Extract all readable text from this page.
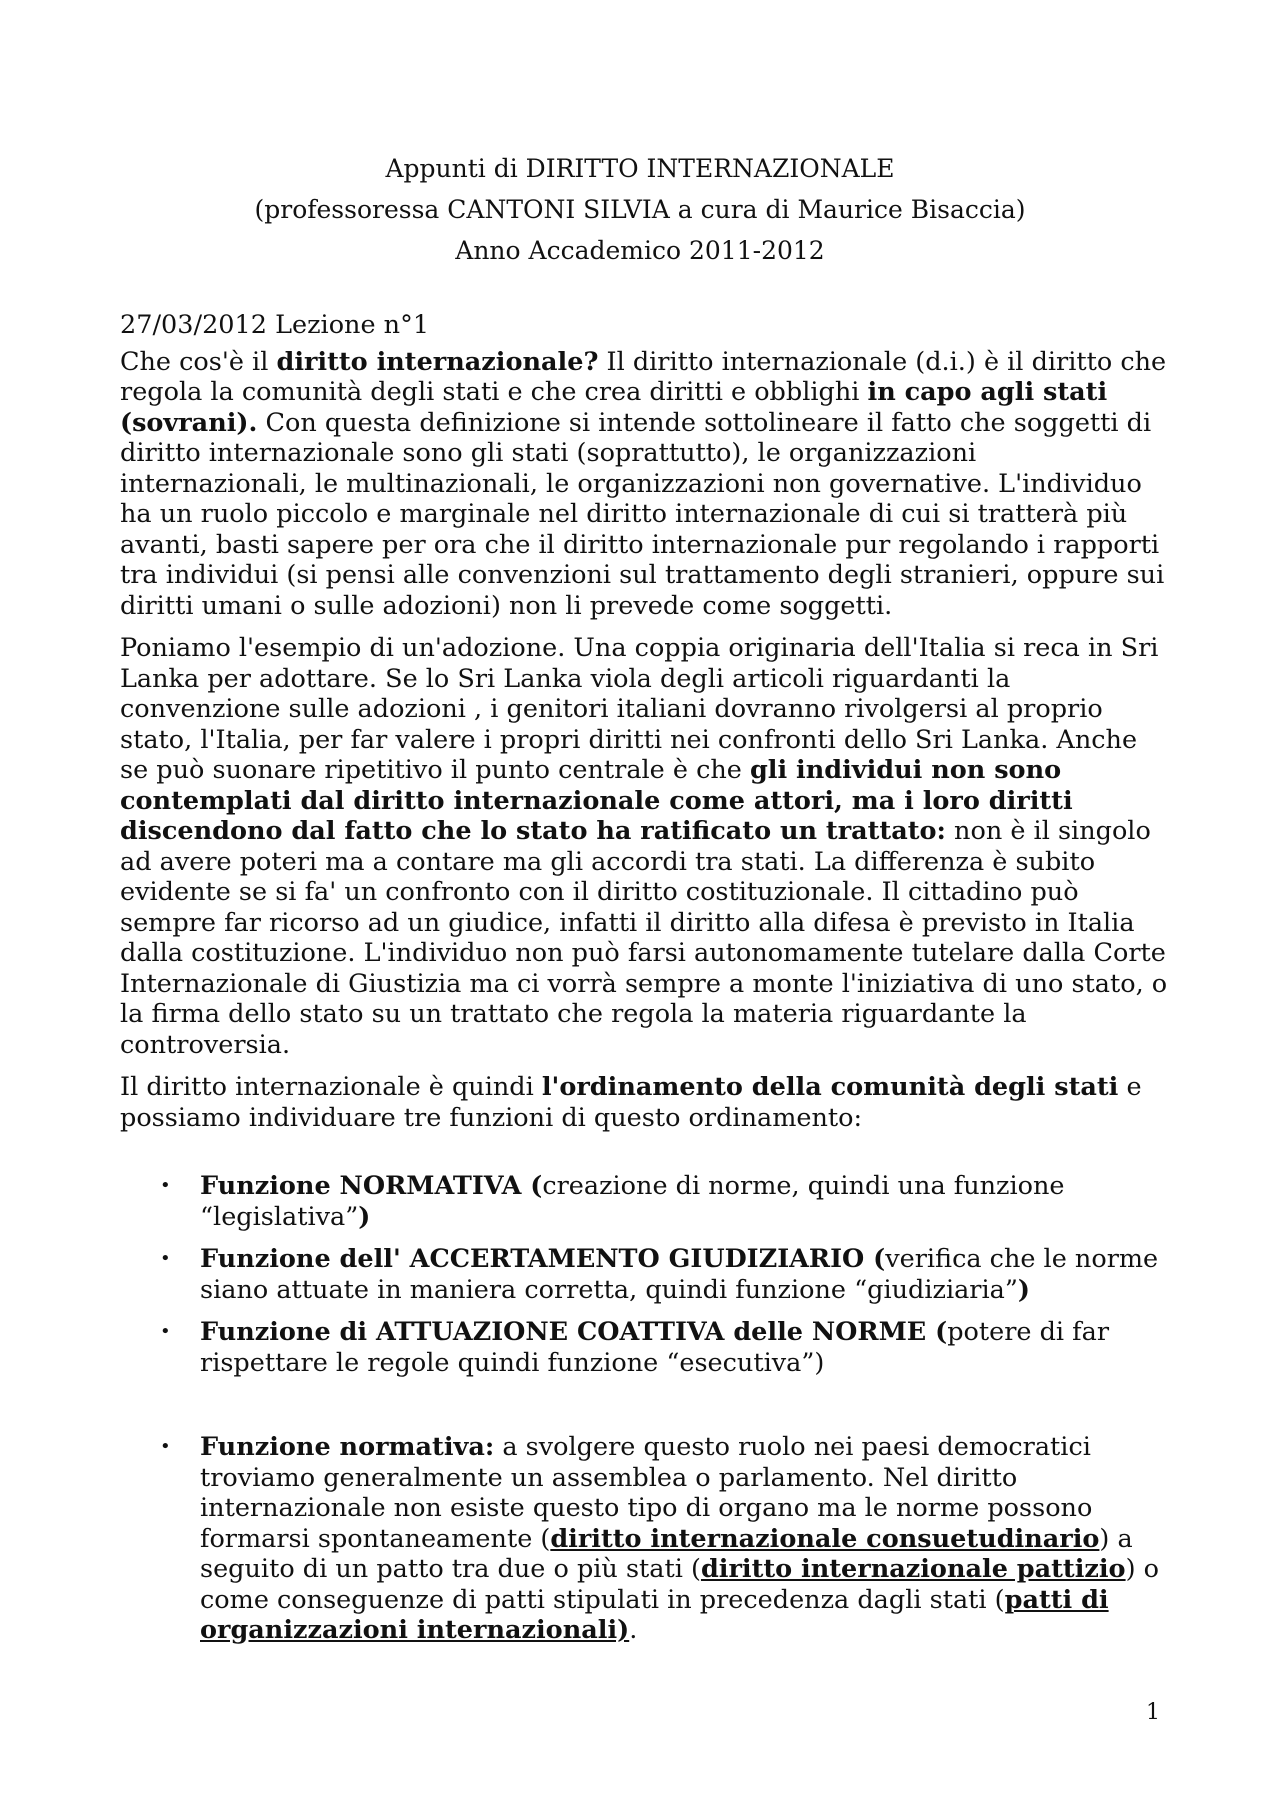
Appunti di DIRITTO INTERNAZIONALE

(professoressa CANTONI SILVIA a cura di Maurice Bisaccia)

Anno Accademico 2011-2012

27/03/2012 Lezione n°1

Che cos'è il diritto internazionale? Il diritto internazionale (d.i.) è il diritto che regola la comunità degli stati e che crea diritti e obblighi in capo agli stati (sovrani). Con questa definizione si intende sottolineare il fatto che soggetti di diritto internazionale sono gli stati (soprattutto), le organizzazioni internazionali, le multinazionali, le organizzazioni non governative. L'individuo ha un ruolo piccolo e marginale nel diritto internazionale di cui si tratterà più avanti, basti sapere per ora che il diritto internazionale pur regolando i rapporti tra individui (si pensi alle convenzioni sul trattamento degli stranieri, oppure sui diritti umani o sulle adozioni) non li prevede come soggetti.

Poniamo l'esempio di un'adozione. Una coppia originaria dell'Italia si reca in Sri Lanka per adottare. Se lo Sri Lanka viola degli articoli riguardanti la convenzione sulle adozioni , i genitori italiani dovranno rivolgersi al proprio stato, l'Italia, per far valere i propri diritti nei confronti dello Sri Lanka. Anche se può suonare ripetitivo il punto centrale è che gli individui non sono contemplati dal diritto internazionale come attori, ma i loro diritti discendono dal fatto che lo stato ha ratificato un trattato: non è il singolo ad avere poteri ma a contare ma gli accordi tra stati. La differenza è subito evidente se si fa' un confronto con il diritto costituzionale. Il cittadino può sempre far ricorso ad un giudice, infatti il diritto alla difesa è previsto in Italia dalla costituzione. L'individuo non può farsi autonomamente tutelare dalla Corte Internazionale di Giustizia ma ci vorrà sempre a monte l'iniziativa di uno stato, o la firma dello stato su un trattato che regola la materia riguardante la controversia.

Il diritto internazionale è quindi l'ordinamento della comunità degli stati e possiamo individuare tre funzioni di questo ordinamento:

• Funzione NORMATIVA (creazione di norme, quindi una funzione “legislativa”)
• Funzione dell' ACCERTAMENTO GIUDIZIARIO (verifica che le norme siano attuate in maniera corretta, quindi funzione “giudiziaria”)
• Funzione di ATTUAZIONE COATTIVA delle NORME (potere di far rispettare le regole quindi funzione “esecutiva”)
• Funzione normativa: a svolgere questo ruolo nei paesi democratici troviamo generalmente un assemblea o parlamento. Nel diritto internazionale non esiste questo tipo di organo ma le norme possono formarsi spontaneamente (diritto internazionale consuetudinario) a seguito di un patto tra due o più stati (diritto internazionale pattizio) o come conseguenze di patti stipulati in precedenza dagli stati (patti di organizzazioni internazionali).
1
